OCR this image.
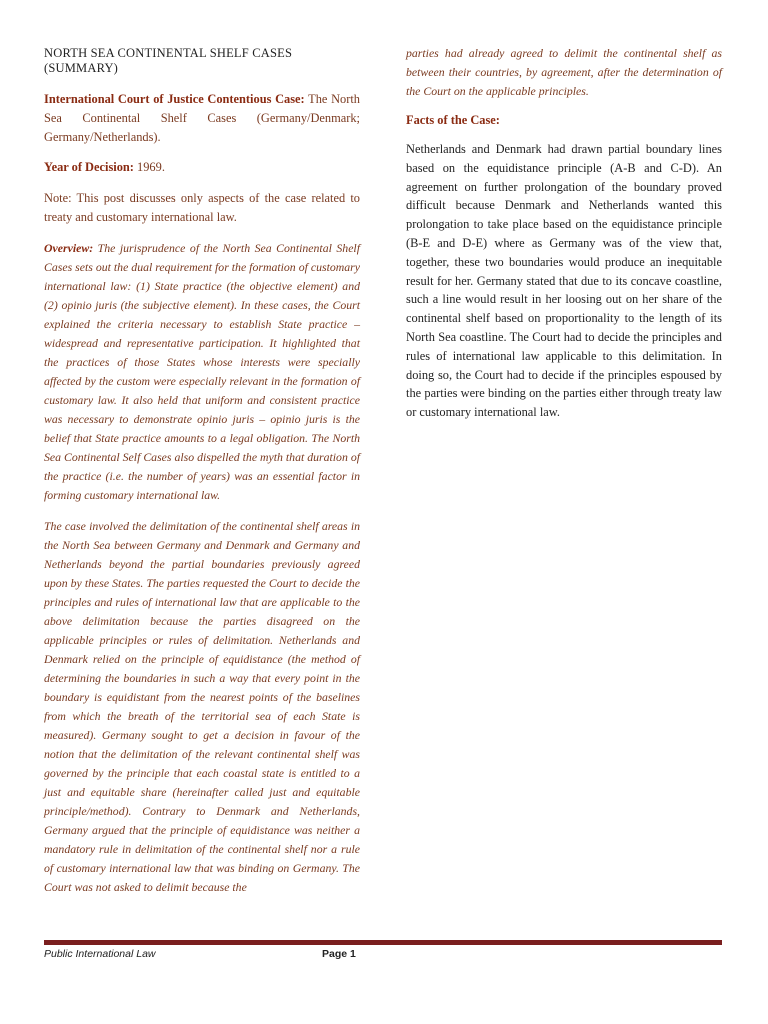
NORTH SEA CONTINENTAL SHELF CASES (SUMMARY)

International Court of Justice Contentious Case: The North Sea Continental Shelf Cases (Germany/Denmark; Germany/Netherlands).

Year of Decision: 1969.

Note: This post discusses only aspects of the case related to treaty and customary international law.

Overview: The jurisprudence of the North Sea Continental Shelf Cases sets out the dual requirement for the formation of customary international law: (1) State practice (the objective element) and (2) opinio juris (the subjective element). In these cases, the Court explained the criteria necessary to establish State practice – widespread and representative participation. It highlighted that the practices of those States whose interests were specially affected by the custom were especially relevant in the formation of customary law. It also held that uniform and consistent practice was necessary to demonstrate opinio juris – opinio juris is the belief that State practice amounts to a legal obligation. The North Sea Continental Self Cases also dispelled the myth that duration of the practice (i.e. the number of years) was an essential factor in forming customary international law.

The case involved the delimitation of the continental shelf areas in the North Sea between Germany and Denmark and Germany and Netherlands beyond the partial boundaries previously agreed upon by these States. The parties requested the Court to decide the principles and rules of international law that are applicable to the above delimitation because the parties disagreed on the applicable principles or rules of delimitation. Netherlands and Denmark relied on the principle of equidistance (the method of determining the boundaries in such a way that every point in the boundary is equidistant from the nearest points of the baselines from which the breath of the territorial sea of each State is measured). Germany sought to get a decision in favour of the notion that the delimitation of the relevant continental shelf was governed by the principle that each coastal state is entitled to a just and equitable share (hereinafter called just and equitable principle/method). Contrary to Denmark and Netherlands, Germany argued that the principle of equidistance was neither a mandatory rule in delimitation of the continental shelf nor a rule of customary international law that was binding on Germany. The Court was not asked to delimit because the

parties had already agreed to delimit the continental shelf as between their countries, by agreement, after the determination of the Court on the applicable principles.

Facts of the Case:

Netherlands and Denmark had drawn partial boundary lines based on the equidistance principle (A-B and C-D). An agreement on further prolongation of the boundary proved difficult because Denmark and Netherlands wanted this prolongation to take place based on the equidistance principle (B-E and D-E) where as Germany was of the view that, together, these two boundaries would produce an inequitable result for her. Germany stated that due to its concave coastline, such a line would result in her loosing out on her share of the continental shelf based on proportionality to the length of its North Sea coastline. The Court had to decide the principles and rules of international law applicable to this delimitation. In doing so, the Court had to decide if the principles espoused by the parties were binding on the parties either through treaty law or customary international law.

Public International Law	Page 1
